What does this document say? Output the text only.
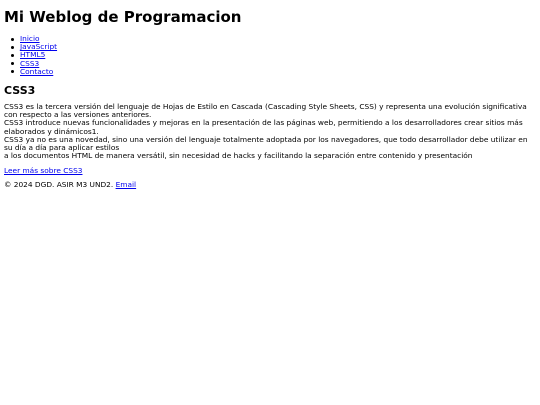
Mi Weblog de Programacion
Inicio
JavaScript
HTML5
CSS3
Contacto
CSS3

CSS3 es la tercera versión del lenguaje de Hojas de Estilo en Cascada (Cascading Style Sheets, CSS) y representa una evolución significativa con respecto a las versiones anteriores.
CSS3 introduce nuevas funcionalidades y mejoras en la presentación de las páginas web, permitiendo a los desarrolladores crear sitios más elaborados y dinámicos1.
CSS3 ya no es una novedad, sino una versión del lenguaje totalmente adoptada por los navegadores, que todo desarrollador debe utilizar en su día a día para aplicar estilos
a los documentos HTML de manera versátil, sin necesidad de hacks y facilitando la separación entre contenido y presentación

Leer más sobre CSS3
© 2024 DGD. ASIR M3 UND2. Email
